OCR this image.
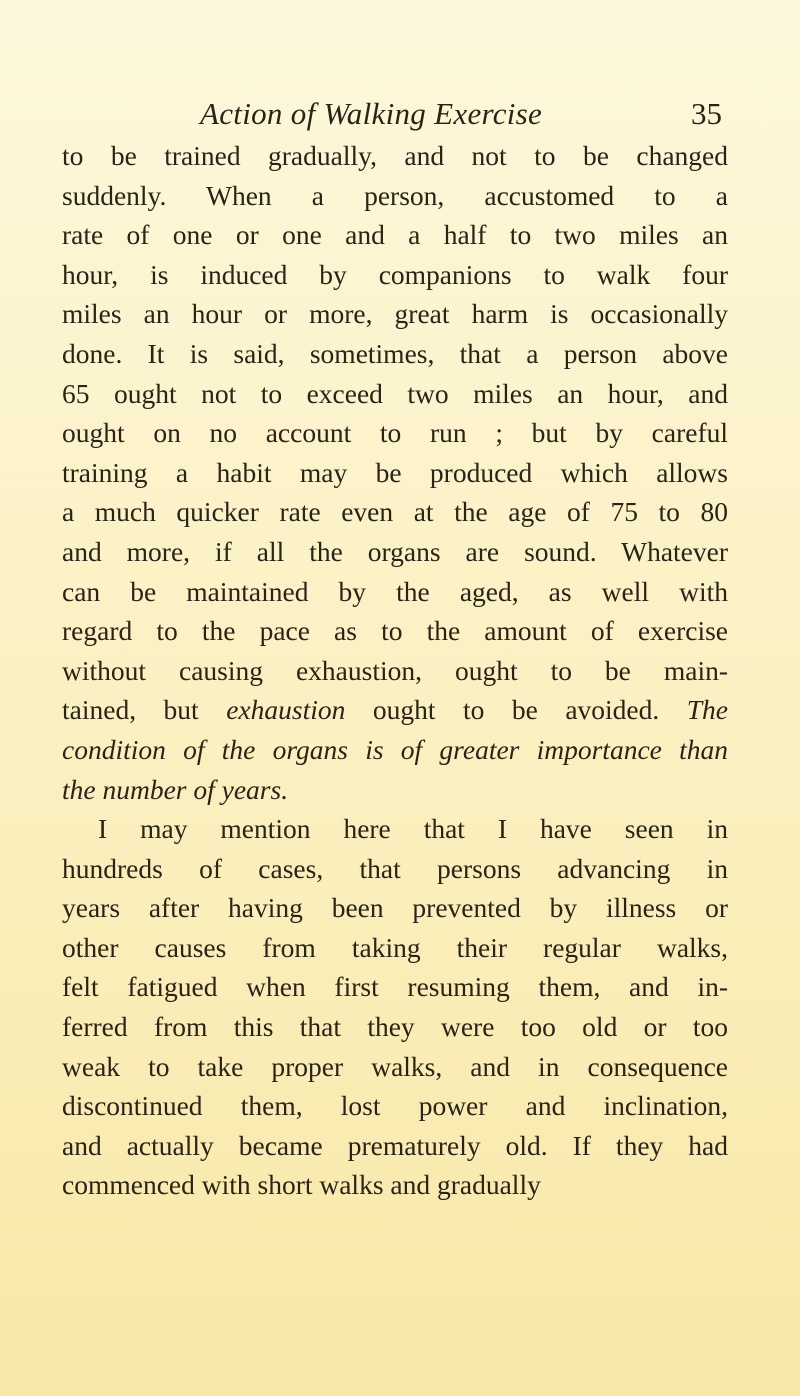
Action of Walking Exercise	35
to be trained gradually, and not to be changed
suddenly. When a person, accustomed to a
rate of one or one and a half to two miles an
hour, is induced by companions to walk four
miles an hour or more, great harm is occasionally
done. It is said, sometimes, that a person above
65 ought not to exceed two miles an hour, and
ought on no account to run ; but by careful
training a habit may be produced which allows
a much quicker rate even at the age of 75 to 80
and more, if all the organs are sound. Whatever
can be maintained by the aged, as well with
regard to the pace as to the amount of exercise
without causing exhaustion, ought to be main-
tained, but exhaustion ought to be avoided. The
condition of the organs is of greater importance than
the number of years.
I may mention here that I have seen in
hundreds of cases, that persons advancing in
years after having been prevented by illness or
other causes from taking their regular walks,
felt fatigued when first resuming them, and in-
ferred from this that they were too old or too
weak to take proper walks, and in consequence
discontinued them, lost power and inclination,
and actually became prematurely old. If they had
commenced with short walks and gradually
